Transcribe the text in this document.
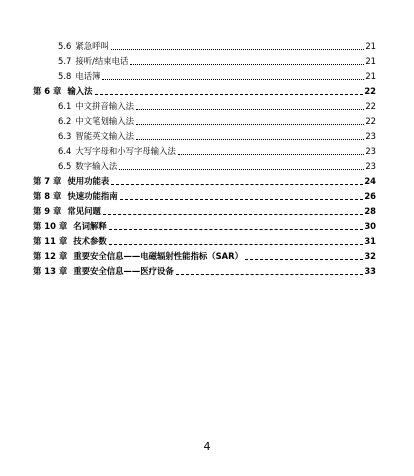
5.6 紧急呼叫	21
5.7 接听/结束电话	21
5.8 电话簿	21
第 6 章 输入法	22
6.1 中文拼音输入法	22
6.2 中文笔划输入法	22
6.3 智能英文输入法	23
6.4 大写字母和小写字母输入法	23
6.5 数字输入法	23
第 7 章 使用功能表	24
第 8 章 快速功能指南	26
第 9 章 常见问题	28
第 10 章 名词解释	30
第 11 章 技术参数	31
第 12 章 重要安全信息——电磁辐射性能指标（SAR）	32
第 13 章 重要安全信息——医疗设备	33
4
